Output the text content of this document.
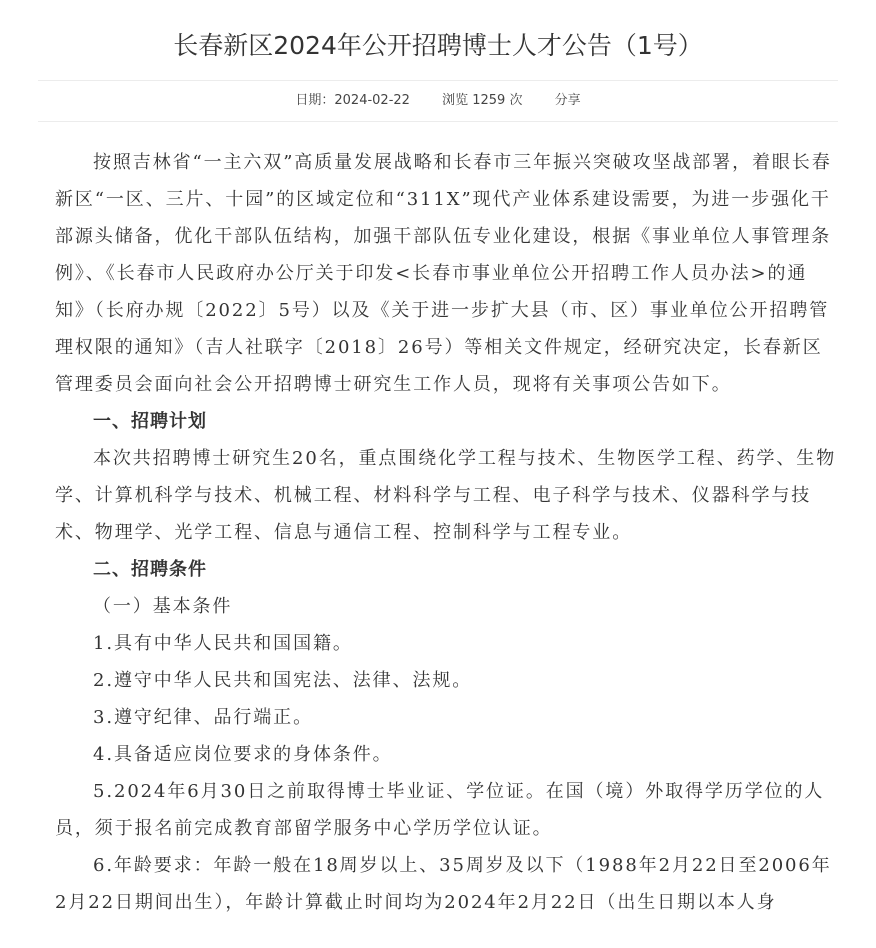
长春新区2024年公开招聘博士人才公告（1号）
日期：2024-02-22 浏览 1259 次 分享

按照吉林省“一主六双”高质量发展战略和长春市三年振兴突破攻坚战部署，着眼长春新区“一区、三片、十园”的区域定位和“311X”现代产业体系建设需要，为进一步强化干部源头储备，优化干部队伍结构，加强干部队伍专业化建设，根据《事业单位人事管理条例》、《长春市人民政府办公厅关于印发<长春市事业单位公开招聘工作人员办法>的通知》（长府办规〔2022〕5号）以及《关于进一步扩大县（市、区）事业单位公开招聘管理权限的通知》（吉人社联字〔2018〕26号）等相关文件规定，经研究决定，长春新区管理委员会面向社会公开招聘博士研究生工作人员，现将有关事项公告如下。

一、招聘计划

本次共招聘博士研究生20名，重点围绕化学工程与技术、生物医学工程、药学、生物学、计算机科学与技术、机械工程、材料科学与工程、电子科学与技术、仪器科学与技术、物理学、光学工程、信息与通信工程、控制科学与工程专业。

二、招聘条件

（一）基本条件

1.具有中华人民共和国国籍。

2.遵守中华人民共和国宪法、法律、法规。

3.遵守纪律、品行端正。

4.具备适应岗位要求的身体条件。

5.2024年6月30日之前取得博士毕业证、学位证。在国（境）外取得学历学位的人员，须于报名前完成教育部留学服务中心学历学位认证。

6.年龄要求：年龄一般在18周岁以上、35周岁及以下（1988年2月22日至2006年2月22日期间出生），年龄计算截止时间均为2024年2月22日（出生日期以本人身
